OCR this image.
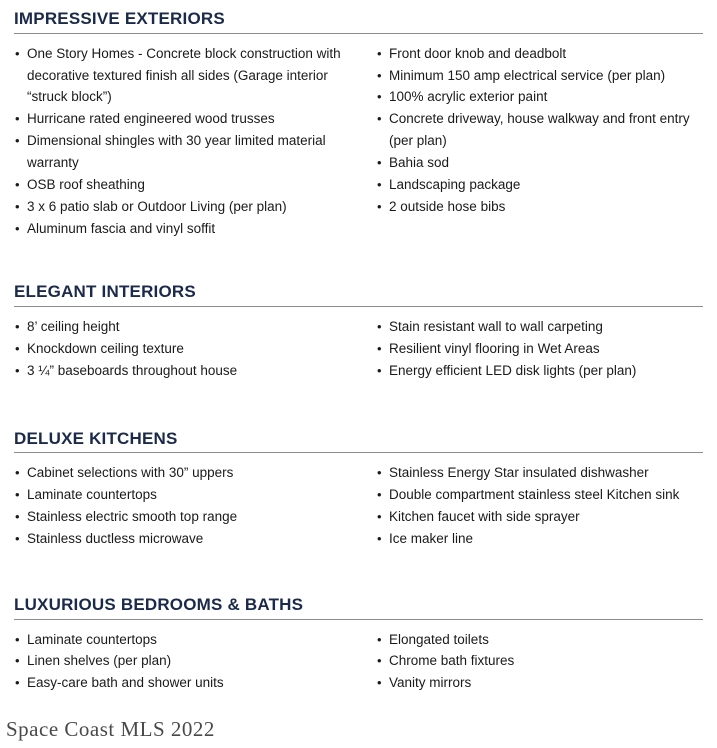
IMPRESSIVE EXTERIORS
• One Story Homes - Concrete block construction with decorative textured finish all sides (Garage interior “struck block”)
• Hurricane rated engineered wood trusses
• Dimensional shingles with 30 year limited material warranty
• OSB roof sheathing
• 3 x 6 patio slab or Outdoor Living (per plan)
• Aluminum fascia and vinyl soffit
• Front door knob and deadbolt
• Minimum 150 amp electrical service (per plan)
• 100% acrylic exterior paint
• Concrete driveway, house walkway and front entry (per plan)
• Bahia sod
• Landscaping package
• 2 outside hose bibs
ELEGANT INTERIORS
• 8’ ceiling height
• Knockdown ceiling texture
• 3 ¼” baseboards throughout house
• Stain resistant wall to wall carpeting
• Resilient vinyl flooring in Wet Areas
• Energy efficient LED disk lights (per plan)
DELUXE KITCHENS
• Cabinet selections with 30” uppers
• Laminate countertops
• Stainless electric smooth top range
• Stainless ductless microwave
• Stainless Energy Star insulated dishwasher
• Double compartment stainless steel Kitchen sink
• Kitchen faucet with side sprayer
• Ice maker line
LUXURIOUS BEDROOMS & BATHS
• Laminate countertops
• Linen shelves (per plan)
• Easy-care bath and shower units
• Elongated toilets
• Chrome bath fixtures
• Vanity mirrors
Space Coast MLS 2022
